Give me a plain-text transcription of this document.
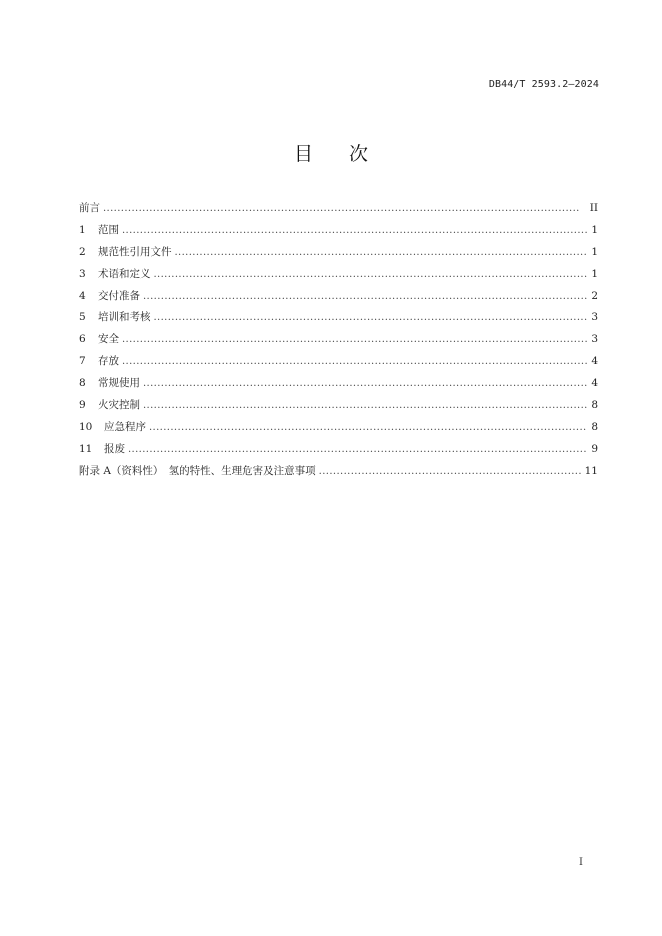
DB44/T 2593.2—2024
目 次
前言 . . .	II
1	范围 . . .	1
2	规范性引用文件 . . .	1
3	术语和定义 . . .	1
4	交付准备 . . .	2
5	培训和考核 . . .	3
6	安全 . . .	3
7	存放 . . .	4
8	常规使用 . . .	4
9	火灾控制 . . .	8
10	应急程序 . . .	8
11	报废 . . .	9
附录 A（资料性）　氢的特性、生理危害及注意事项 . . .	11
I
